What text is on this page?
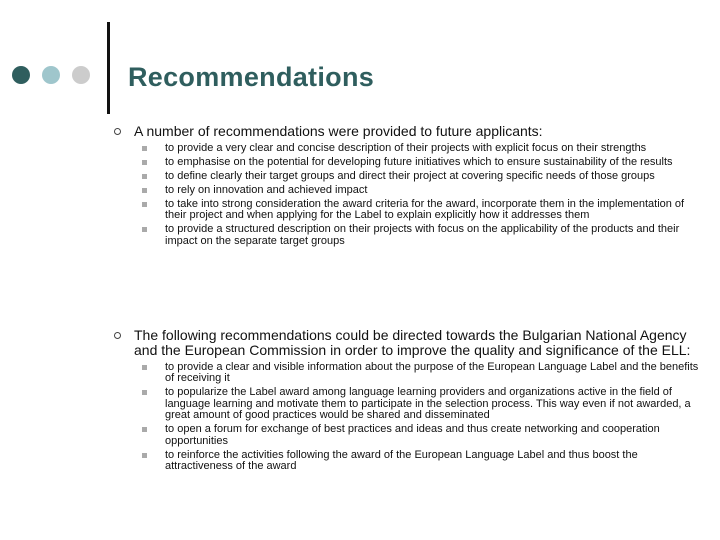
Recommendations
A number of recommendations were provided to future applicants:
to provide a very clear and concise description of their projects with explicit focus on their strengths
to emphasise on the potential for developing future initiatives which to ensure sustainability of the results
to define clearly their target groups and direct their project at covering specific needs of those groups
to rely on innovation and achieved impact
to take into strong consideration the award criteria for the award, incorporate them in the implementation of their project and when applying for the Label to explain explicitly how it addresses them
to provide a structured description on their projects with focus on the applicability of the products and their impact on the separate target groups
The following recommendations could be directed towards the Bulgarian National Agency and the European Commission in order to improve the quality and significance of the ELL:
to provide a clear and visible information about the purpose of the European Language Label and the benefits of receiving it
to popularize the Label award among language learning providers and organizations active in the field of language learning and motivate them to participate in the selection process. This way even if not awarded, a great amount of good practices would be shared and disseminated
to open a forum for exchange of best practices and ideas and thus create networking and cooperation opportunities
to reinforce the activities following the award of the European Language Label and thus boost the attractiveness of the award
